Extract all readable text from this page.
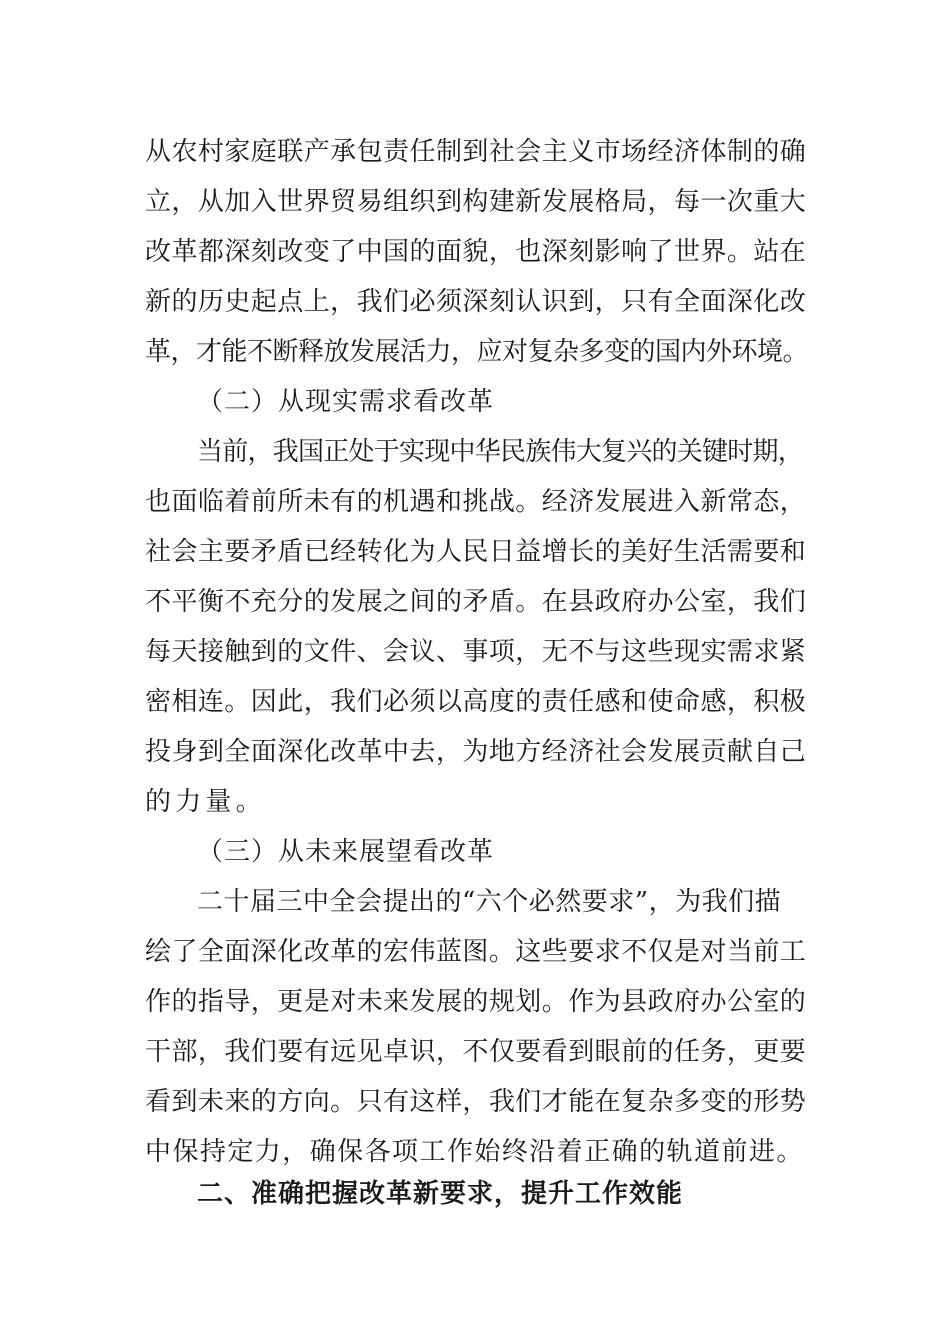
从农村家庭联产承包责任制到社会主义市场经济体制的确
立，从加入世界贸易组织到构建新发展格局，每一次重大
改革都深刻改变了中国的面貌，也深刻影响了世界。站在
新的历史起点上，我们必须深刻认识到，只有全面深化改
革，才能不断释放发展活力，应对复杂多变的国内外环境。
（二）从现实需求看改革
当前，我国正处于实现中华民族伟大复兴的关键时期，
也面临着前所未有的机遇和挑战。经济发展进入新常态，
社会主要矛盾已经转化为人民日益增长的美好生活需要和
不平衡不充分的发展之间的矛盾。在县政府办公室，我们
每天接触到的文件、会议、事项，无不与这些现实需求紧
密相连。因此，我们必须以高度的责任感和使命感，积极
投身到全面深化改革中去，为地方经济社会发展贡献自己
的力量。
（三）从未来展望看改革
二十届三中全会提出的“六个必然要求”，为我们描
绘了全面深化改革的宏伟蓝图。这些要求不仅是对当前工
作的指导，更是对未来发展的规划。作为县政府办公室的
干部，我们要有远见卓识，不仅要看到眼前的任务，更要
看到未来的方向。只有这样，我们才能在复杂多变的形势
中保持定力，确保各项工作始终沿着正确的轨道前进。
二、准确把握改革新要求，提升工作效能
